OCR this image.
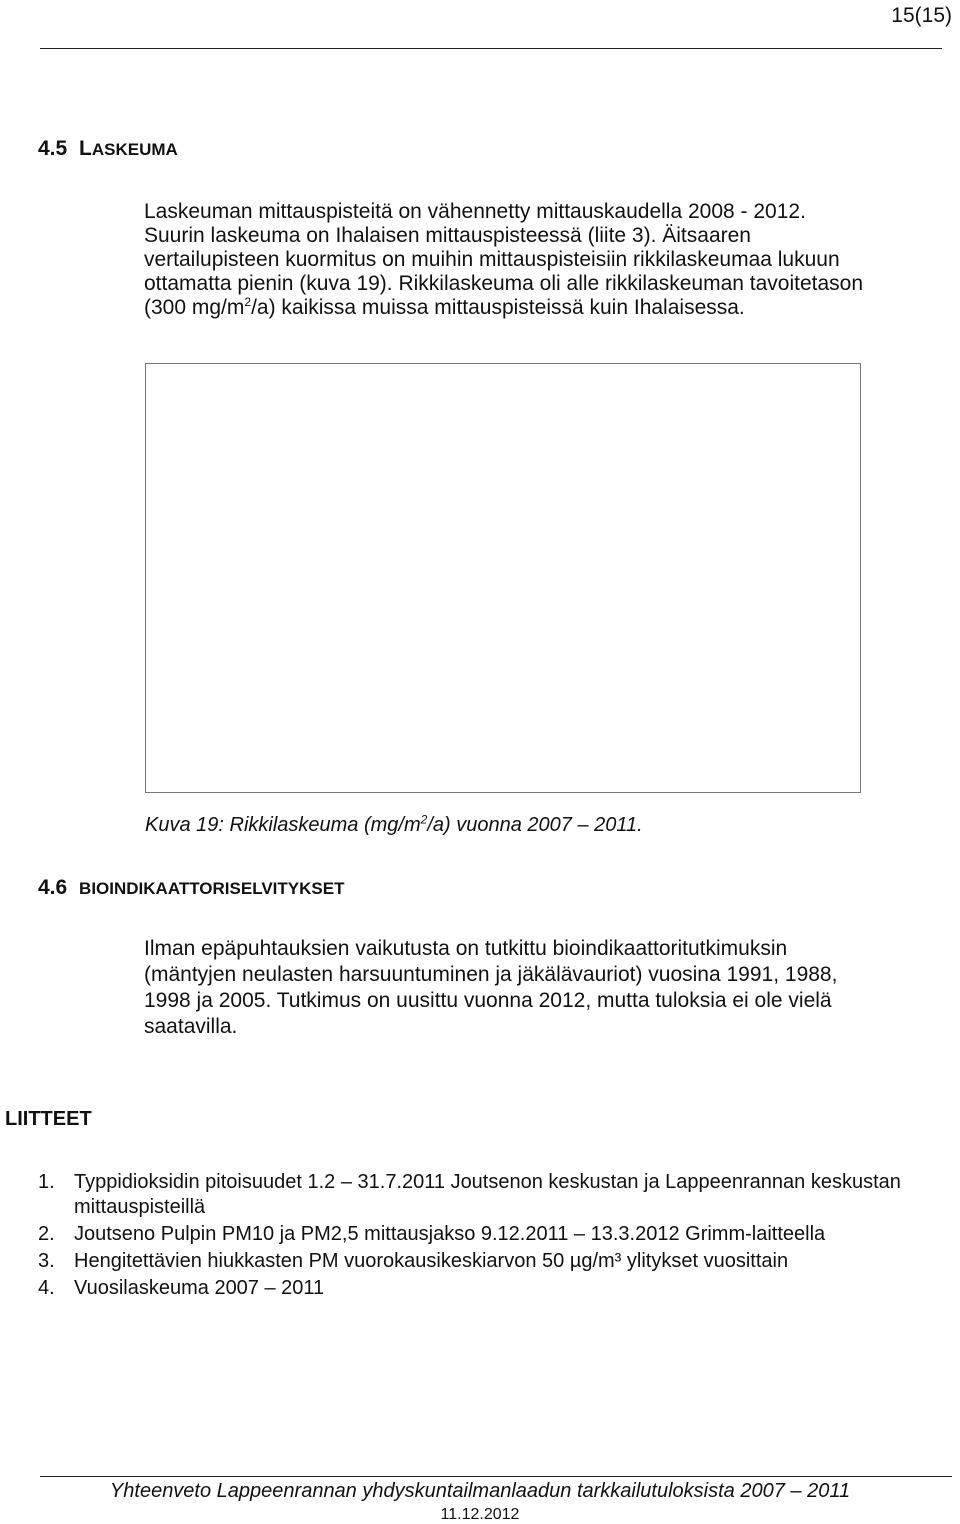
15(15)
4.5 LASKEUMA

Laskeuman mittauspisteitä on vähennetty mittauskaudella 2008 - 2012.

Suurin laskeuma on Ihalaisen mittauspisteessä (liite 3). Äitsaaren

vertailupisteen kuormitus on muihin mittauspisteisiin rikkilaskeumaa lukuun

ottamatta pienin (kuva 19). Rikkilaskeuma oli alle rikkilaskeuman tavoitetason

(300 $mg/m^2/a$) kaikissa muissa mittauspisteissä kuin Ihalaisessa.

Kuva 19: Rikkilaskeuma $(mg/m^2/a)$ vuonna 2007 – 2011.
4.6 BIOINDIKAATTORISELVITYKSET

Ilman epäpuhtauksien vaikutusta on tutkittu bioindikaattoritutkimuksin

(mäntyjen neulasten harsuuntuminen ja jäkälävauriot) vuosina 1991, 1988,

1998 ja 2005. Tutkimus on uusittu vuonna 2012, mutta tuloksia ei ole vielä

saatavilla.

LIITTEET
1. Typpidioksidin pitoisuudet 1.2 – 31.7.2011 Joutsenon keskustan ja Lappeenrannan keskustan mittauspisteillä
2. Joutseno Pulpin PM10 ja PM2,5 mittausjakso 9.12.2011 – 13.3.2012 Grimm-laitteella
3. Hengitettävien hiukkasten PM vuorokausikeskiarvon 50 µg/m³ ylitykset vuosittain
4. Vuosilaskeuma 2007 – 2011
Yhteenveto Lappeenrannan yhdyskuntailmanlaadun tarkkailutuloksista 2007 – 2011
11.12.2012
